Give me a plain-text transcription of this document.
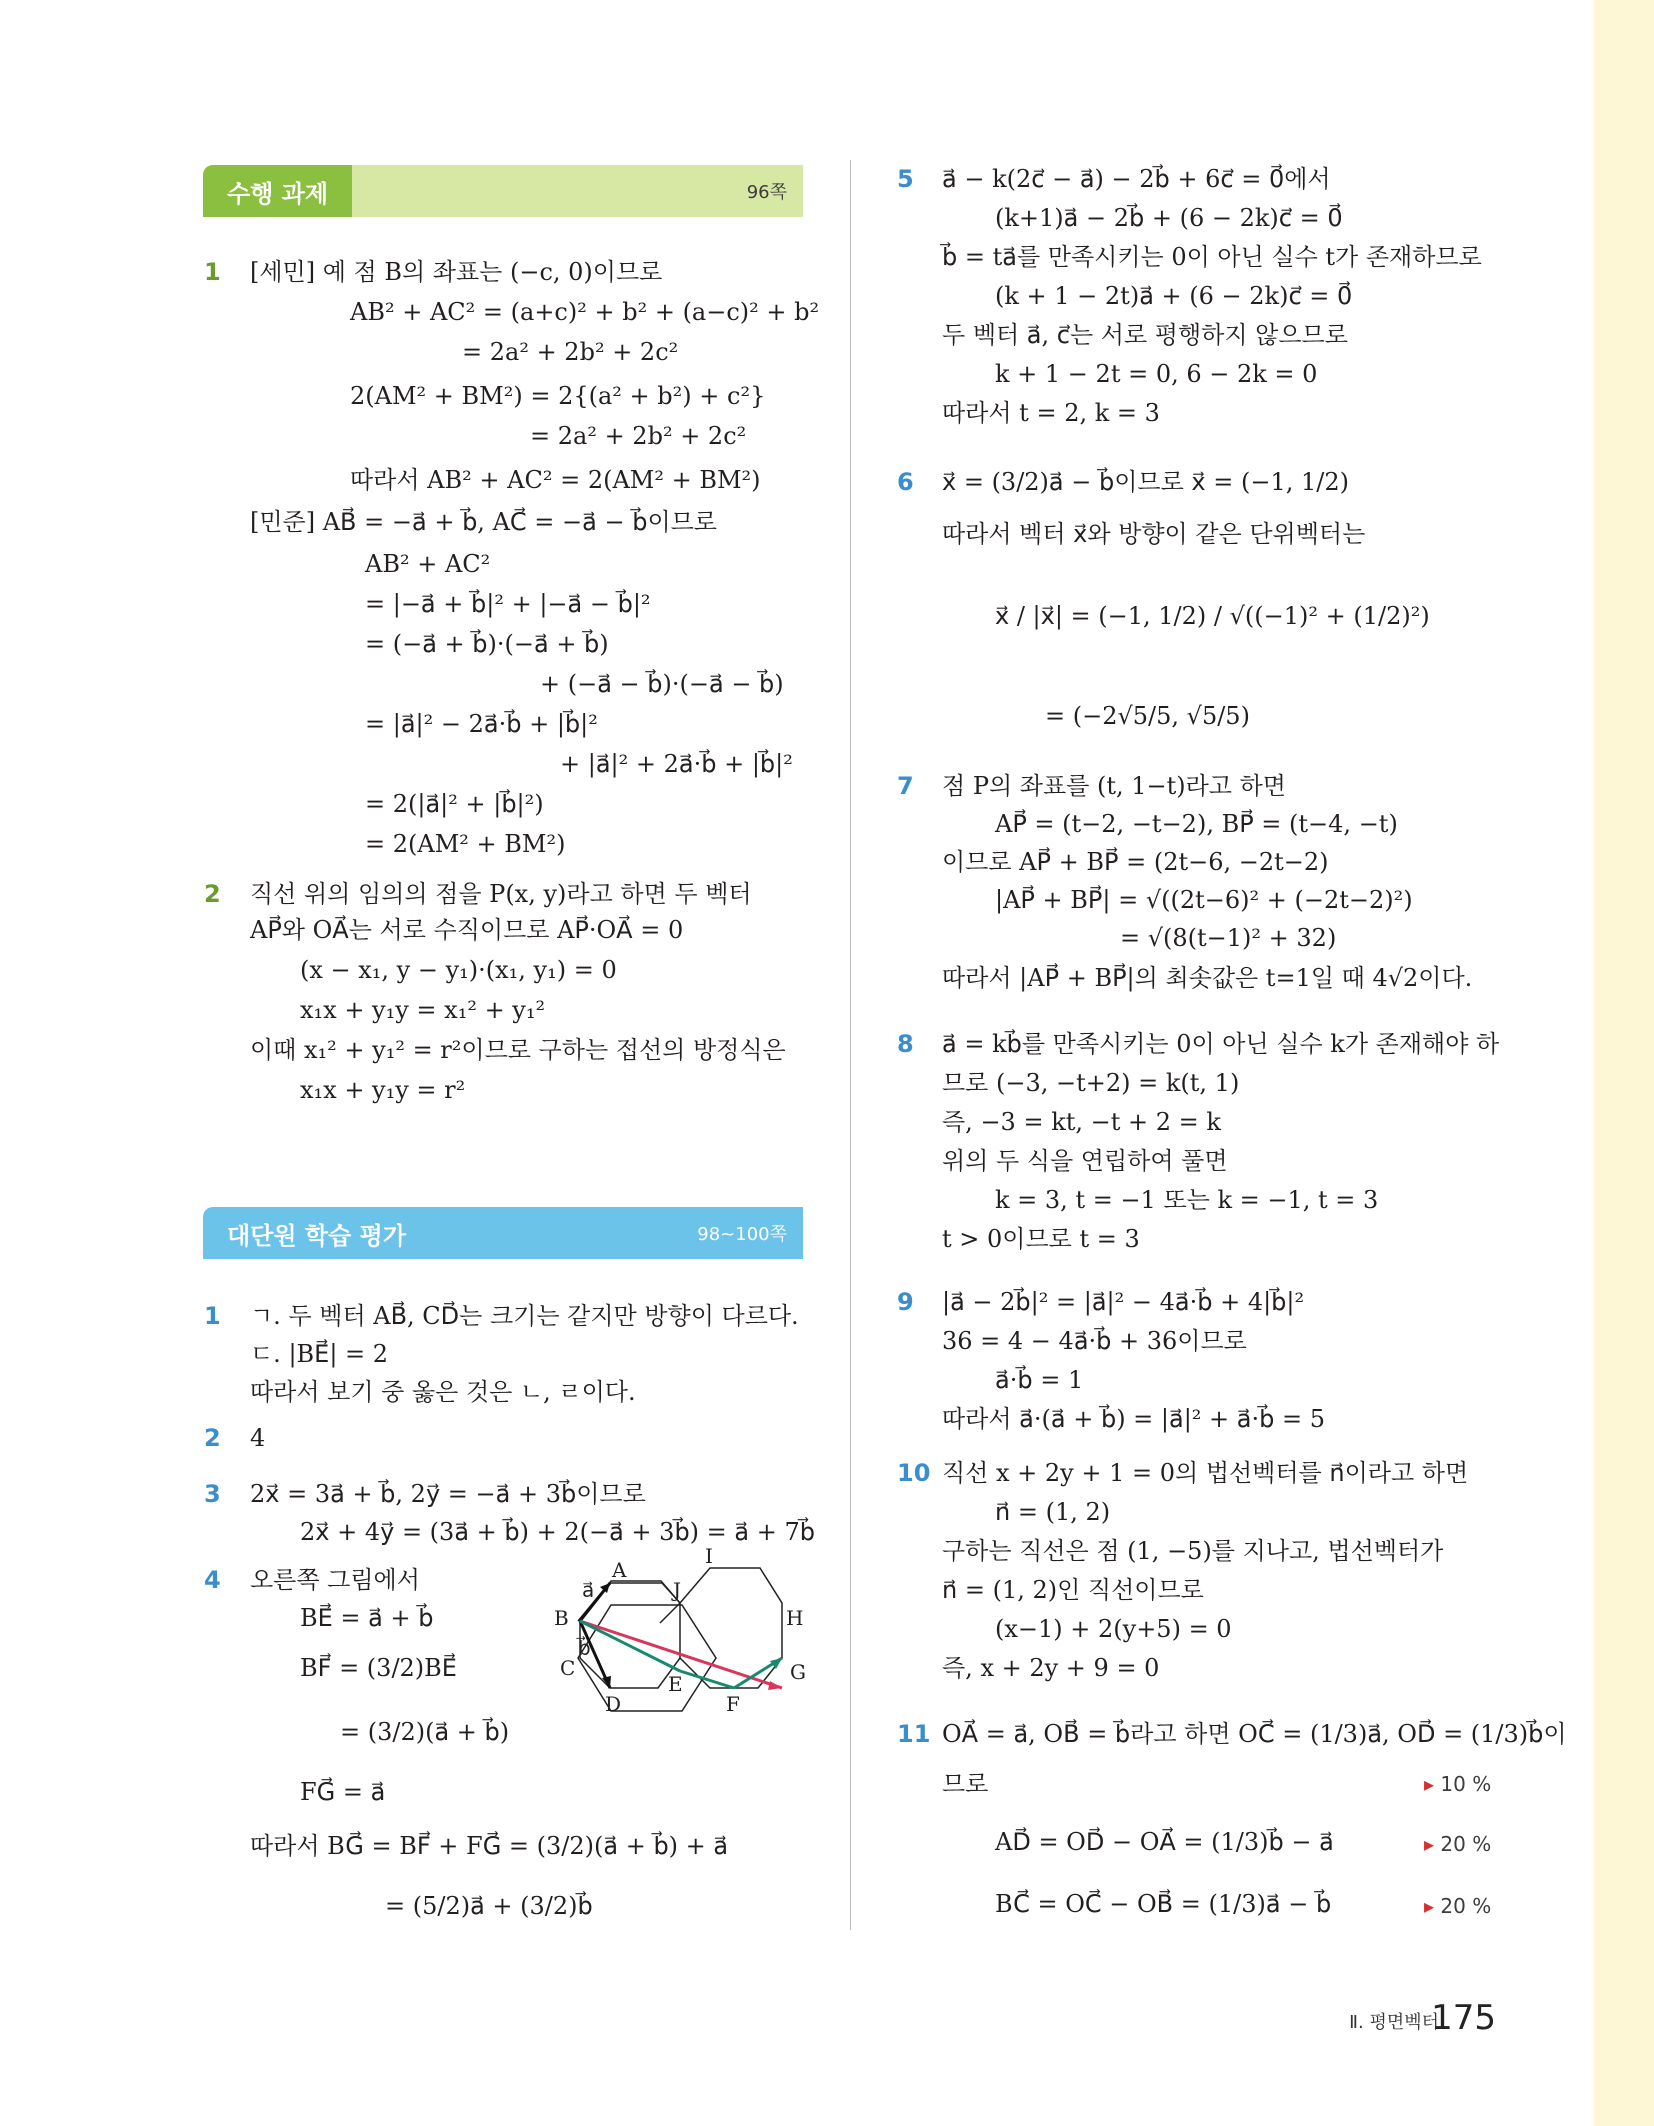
수행 과제	96쪽
1 [세민] 예 점 B의 좌표는 (−c, 0)이므로
AB² + AC² = (a+c)² + b² + (a−c)² + b²
= 2a² + 2b² + 2c²
2(AM² + BM²) = 2{(a² + b²) + c²}
= 2a² + 2b² + 2c²
따라서 AB² + AC² = 2(AM² + BM²)
[민준] AB⃗ = −a⃗ + b⃗, AC⃗ = −a⃗ − b⃗이므로
AB² + AC²
= |−a⃗ + b⃗|² + |−a⃗ − b⃗|²
= (−a⃗ + b⃗)·(−a⃗ + b⃗)
+ (−a⃗ − b⃗)·(−a⃗ − b⃗)
= |a⃗|² − 2a⃗·b⃗ + |b⃗|²
+ |a⃗|² + 2a⃗·b⃗ + |b⃗|²
= 2(|a⃗|² + |b⃗|²)
= 2(AM² + BM²)
2 직선 위의 임의의 점을 P(x, y)라고 하면 두 벡터
AP⃗와 OA⃗는 서로 수직이므로 AP⃗·OA⃗ = 0
(x − x₁, y − y₁)·(x₁, y₁) = 0
x₁x + y₁y = x₁² + y₁²
이때 x₁² + y₁² = r²이므로 구하는 접선의 방정식은
x₁x + y₁y = r²
대단원 학습 평가	98~100쪽
1 ㄱ. 두 벡터 AB⃗, CD⃗는 크기는 같지만 방향이 다르다.
ㄷ. |BE⃗| = 2
따라서 보기 중 옳은 것은 ㄴ, ㄹ이다.
2 4
3 2x⃗ = 3a⃗ + b⃗, 2y⃗ = −a⃗ + 3b⃗이므로
2x⃗ + 4y⃗ = (3a⃗ + b⃗) + 2(−a⃗ + 3b⃗) = a⃗ + 7b⃗
4 오른쪽 그림에서
BE⃗ = a⃗ + b⃗
BF⃗ = (3/2)BE⃗
= (3/2)(a⃗ + b⃗)
FG⃗ = a⃗
따라서 BG⃗ = BF⃗ + FG⃗ = (3/2)(a⃗ + b⃗) + a⃗
= (5/2)a⃗ + (3/2)b⃗
A
I
J
B	H
C
E	G
D	F
a⃗
b⃗
5 a⃗ − k(2c⃗ − a⃗) − 2b⃗ + 6c⃗ = 0⃗에서
(k+1)a⃗ − 2b⃗ + (6 − 2k)c⃗ = 0⃗
b⃗ = ta⃗를 만족시키는 0이 아닌 실수 t가 존재하므로
(k + 1 − 2t)a⃗ + (6 − 2k)c⃗ = 0⃗
두 벡터 a⃗, c⃗는 서로 평행하지 않으므로
k + 1 − 2t = 0, 6 − 2k = 0
따라서 t = 2, k = 3
6 x⃗ = (3/2)a⃗ − b⃗이므로 x⃗ = (−1, 1/2)
따라서 벡터 x⃗와 방향이 같은 단위벡터는
x⃗ / |x⃗| = (−1, 1/2) / √((−1)² + (1/2)²)
= (−2√5/5, √5/5)
7 점 P의 좌표를 (t, 1−t)라고 하면
AP⃗ = (t−2, −t−2), BP⃗ = (t−4, −t)
이므로 AP⃗ + BP⃗ = (2t−6, −2t−2)
|AP⃗ + BP⃗| = √((2t−6)² + (−2t−2)²)
= √(8(t−1)² + 32)
따라서 |AP⃗ + BP⃗|의 최솟값은 t=1일 때 4√2이다.
8 a⃗ = kb⃗를 만족시키는 0이 아닌 실수 k가 존재해야 하
므로 (−3, −t+2) = k(t, 1)
즉, −3 = kt, −t + 2 = k
위의 두 식을 연립하여 풀면
k = 3, t = −1 또는 k = −1, t = 3
t > 0이므로 t = 3
9 |a⃗ − 2b⃗|² = |a⃗|² − 4a⃗·b⃗ + 4|b⃗|²
36 = 4 − 4a⃗·b⃗ + 36이므로
a⃗·b⃗ = 1
따라서 a⃗·(a⃗ + b⃗) = |a⃗|² + a⃗·b⃗ = 5
10 직선 x + 2y + 1 = 0의 법선벡터를 n⃗이라고 하면
n⃗ = (1, 2)
구하는 직선은 점 (1, −5)를 지나고, 법선벡터가
n⃗ = (1, 2)인 직선이므로
(x−1) + 2(y+5) = 0
즉, x + 2y + 9 = 0
11 OA⃗ = a⃗, OB⃗ = b⃗라고 하면 OC⃗ = (1/3)a⃗, OD⃗ = (1/3)b⃗이
므로	▸ 10 %
AD⃗ = OD⃗ − OA⃗ = (1/3)b⃗ − a⃗	▸ 20 %
BC⃗ = OC⃗ − OB⃗ = (1/3)a⃗ − b⃗	▸ 20 %
Ⅱ. 평면벡터
175
